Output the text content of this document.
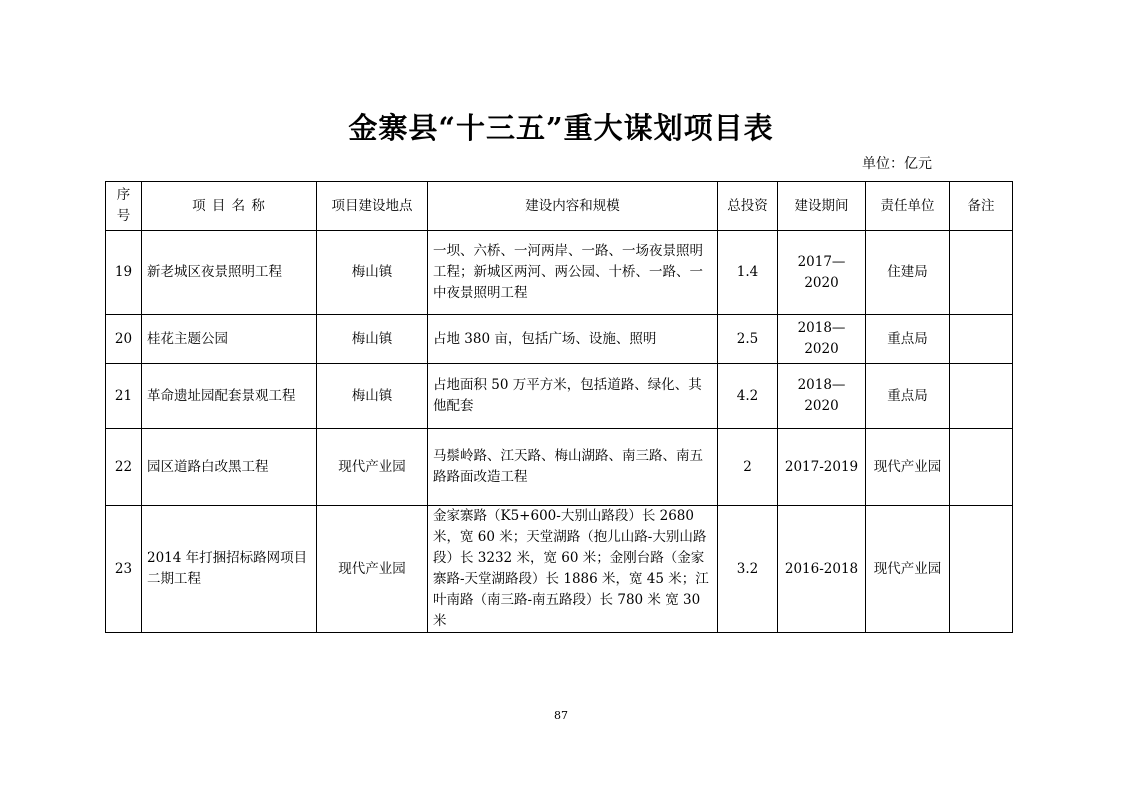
金寨县“十三五”重大谋划项目表
单位：亿元
序号	项 目 名 称	项目建设地点	建设内容和规模	总投资	建设期间	责任单位	备注
19	新老城区夜景照明工程	梅山镇	一坝、六桥、一河两岸、一路、一场夜景照明工程；新城区两河、两公园、十桥、一路、一中夜景照明工程	1.4	2017—2020	住建局	
20	桂花主题公园	梅山镇	占地 380 亩，包括广场、设施、照明	2.5	2018—2020	重点局	
21	革命遗址园配套景观工程	梅山镇	占地面积 50 万平方米，包括道路、绿化、其他配套	4.2	2018—2020	重点局	
22	园区道路白改黑工程	现代产业园	马鬃岭路、江天路、梅山湖路、南三路、南五路路面改造工程	2	2017-2019	现代产业园	
23	2014 年打捆招标路网项目二期工程	现代产业园	金家寨路（K5+600-大别山路段）长 2680 米，宽 60 米；天堂湖路（抱儿山路-大别山路段）长 3232 米，宽 60 米；金刚台路（金家寨路-天堂湖路段）长 1886 米，宽 45 米；江叶南路（南三路-南五路段）长 780 米 宽 30 米	3.2	2016-2018	现代产业园	
87
